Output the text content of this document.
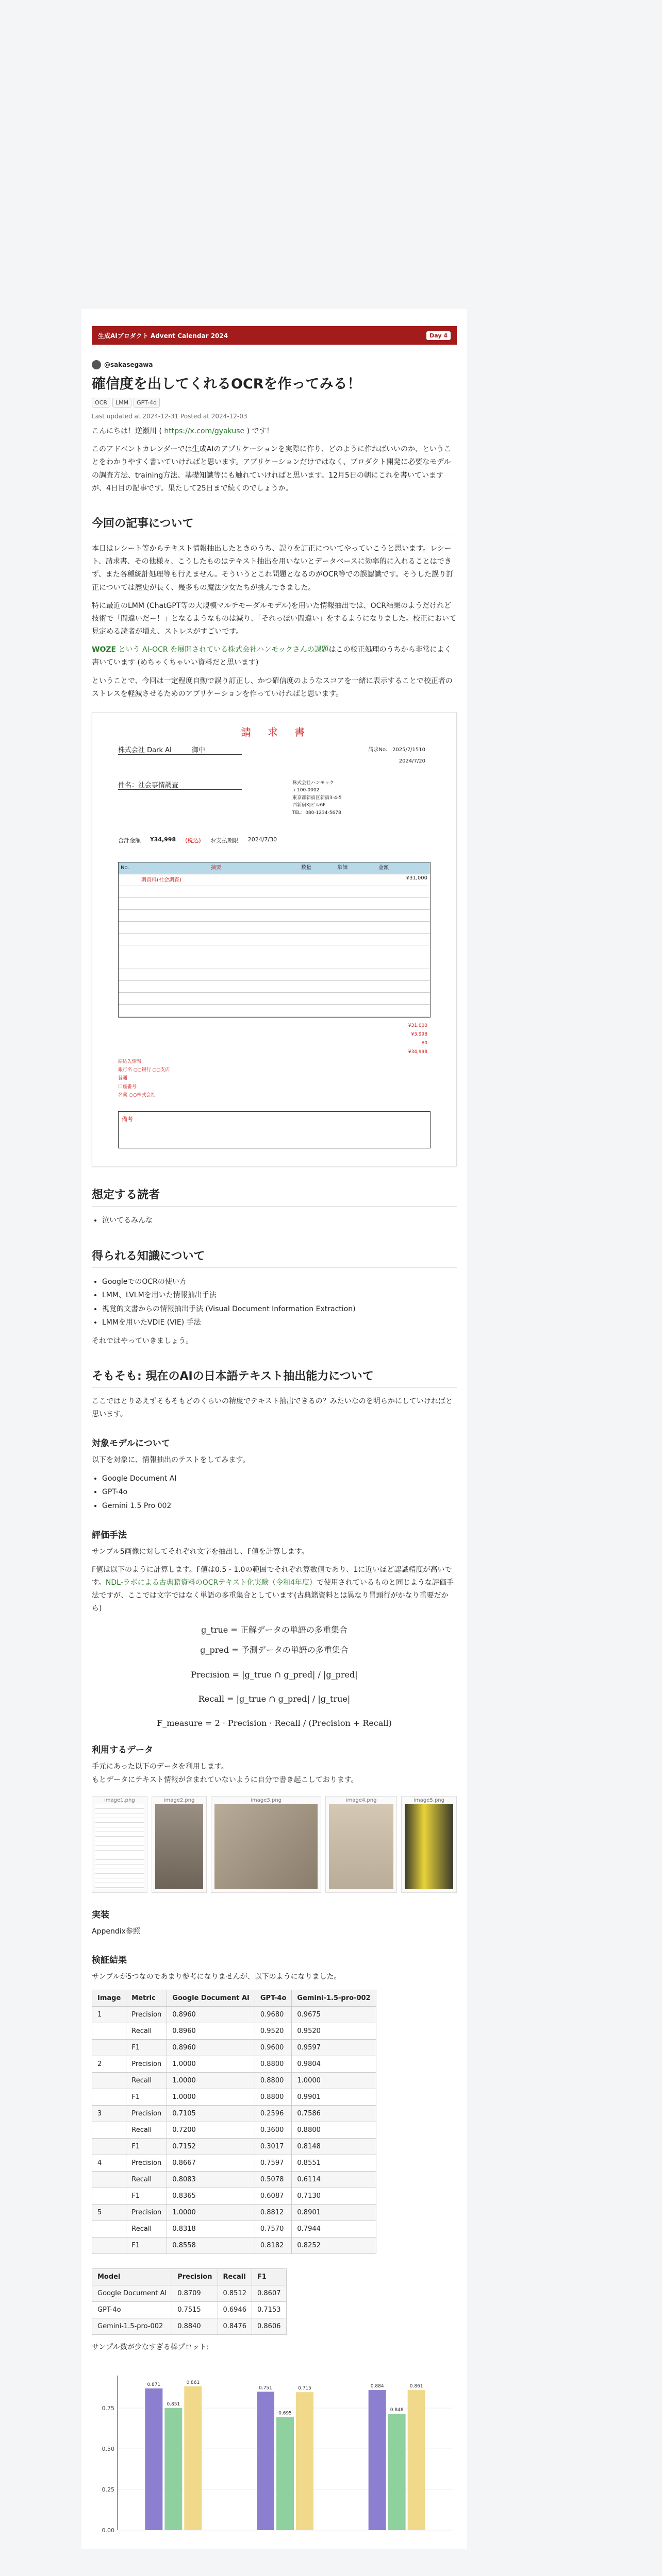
生成AIプロダクト Advent Calendar 2024	Day 4
@sakasegawa
確信度を出してくれるOCRを作ってみる！
OCR	LMM	GPT-4o
Last updated at 2024-12-31 Posted at 2024-12-03

こんにちは！逆瀬川 ( https://x.com/gyakuse ) です！

このアドベントカレンダーでは生成AIのアプリケーションを実際に作り、どのように作ればいいのか、ということをわかりやすく書いていければと思います。アプリケーションだけではなく、プロダクト開発に必要なモデルの調査方法、training方法、基礎知識等にも触れていければと思います。12月5日の朝にこれを書いていますが、4日目の記事です。果たして25日まで続くのでしょうか。

今回の記事について

本日はレシート等からテキスト情報抽出したときのうち、誤りを訂正についてやっていこうと思います。レシート、請求書、その他様々、こうしたものはテキスト抽出を用いないとデータベースに効率的に入れることはできず、また各種統計処理等も行えません。そういうとこれ問題となるのがOCR等での誤認識です。そうした誤り訂正については歴史が長く、幾多もの魔法少女たちが挑んできました。

特に最近のLMM (ChatGPT等の大規模マルチモーダルモデル)を用いた情報抽出では、OCR結果のようだけれど技術で「間違いだー！」となるようなものは減り、「それっぽい間違い」をするようになりました。校正において見定める読者が増え、ストレスがすごいです。

WOZE という AI-OCR を展開されている株式会社ハンモックさんの課題はこの校正処理のうちから非常によく書いています (めちゃくちゃいい資料だと思います)

ということで、今回は一定程度自動で誤り訂正し、かつ確信度のようなスコアを一緒に表示することで校正者のストレスを軽減させるためのアプリケーションを作っていければと思います。

請　求　書
株式会社 Dark AI　　　	御中	請求No.　 2025/7/1510
2024/7/20
件名：社会事情調査	株式会社ハンモック
〒100-0002
東京都新宿区新宿3-4-5
西新宿KJビル6F
TEL：080-1234-5678
合計金額 ¥34,998 (税込) お支払期限 2024/7/30
No.	摘要	数量	単価	金額
調査料(社会調査)	¥31,000
¥31,000
¥3,998
¥0
¥34,998
振込先情報
銀行名 ○○銀行 ○○支店
普通
口座番号
名義 ○○株式会社
備考
想定する読者
• 泣いてるみんな
得られる知識について
• GoogleでのOCRの使い方
• LMM、LVLMを用いた情報抽出手法
• 視覚的文書からの情報抽出手法 (Visual Document Information Extraction)
• LMMを用いたVDIE (VIE) 手法

それではやっていきましょう。

そもそも: 現在のAIの日本語テキスト抽出能力について

ここではとりあえずそもそもどのくらいの精度でテキスト抽出できるの？みたいなのを明らかにしていければと思います。

対象モデルについて

以下を対象に、情報抽出のテストをしてみます。

• Google Document AI
• GPT-4o
• Gemini 1.5 Pro 002
評価手法

サンプル5画像に対してそれぞれ文字を抽出し、F値を計算します。

F値は以下のように計算します。F値は0.5 - 1.0の範囲でそれぞれ算数値であり、1に近いほど認識精度が高いです。NDL-ラボによる古典籍資料のOCRテキスト化実験（令和4年度）で使用されているものと同じような評価手法ですが、ここでは文字ではなく単語の多重集合としています(古典籍資料とは異なり冒頭行がかなり重要だから)

g_true = 正解データの単語の多重集合
g_pred = 予測データの単語の多重集合
Precision = |g_true ∩ g_pred| / |g_pred|
Recall = |g_true ∩ g_pred| / |g_true|
F_measure = 2 · Precision · Recall / (Precision + Recall)
利用するデータ

手元にあった以下のデータを利用します。
もとデータにテキスト情報が含まれていないように自分で書き起こしております。

image1.png	image2.png	image3.png	image4.png	image5.png
実装

Appendix参照

検証結果

サンプルが5つなのであまり参考になりませんが、以下のようになりました。

Image	Metric	Google Document AI	GPT-4o	Gemini-1.5-pro-002
1	Precision	0.8960	0.9680	0.9675
	Recall	0.8960	0.9520	0.9520
	F1	0.8960	0.9600	0.9597
2	Precision	1.0000	0.8800	0.9804
	Recall	1.0000	0.8800	1.0000
	F1	1.0000	0.8800	0.9901
3	Precision	0.7105	0.2596	0.7586
	Recall	0.7200	0.3600	0.8800
	F1	0.7152	0.3017	0.8148
4	Precision	0.8667	0.7597	0.8551
	Recall	0.8083	0.5078	0.6114
	F1	0.8365	0.6087	0.7130
5	Precision	1.0000	0.8812	0.8901
	Recall	0.8318	0.7570	0.7944
	F1	0.8558	0.8182	0.8252
Model	Precision	Recall	F1
Google Document AI	0.8709	0.8512	0.8607
GPT-4o	0.7515	0.6946	0.7153
Gemini-1.5-pro-002	0.8840	0.8476	0.8606

サンプル数が少なすぎる棒プロット:

0.00
0.25
0.50
0.75
0.871
0.851
0.861
0.751
0.695
0.715	0.884
0.848
0.861
